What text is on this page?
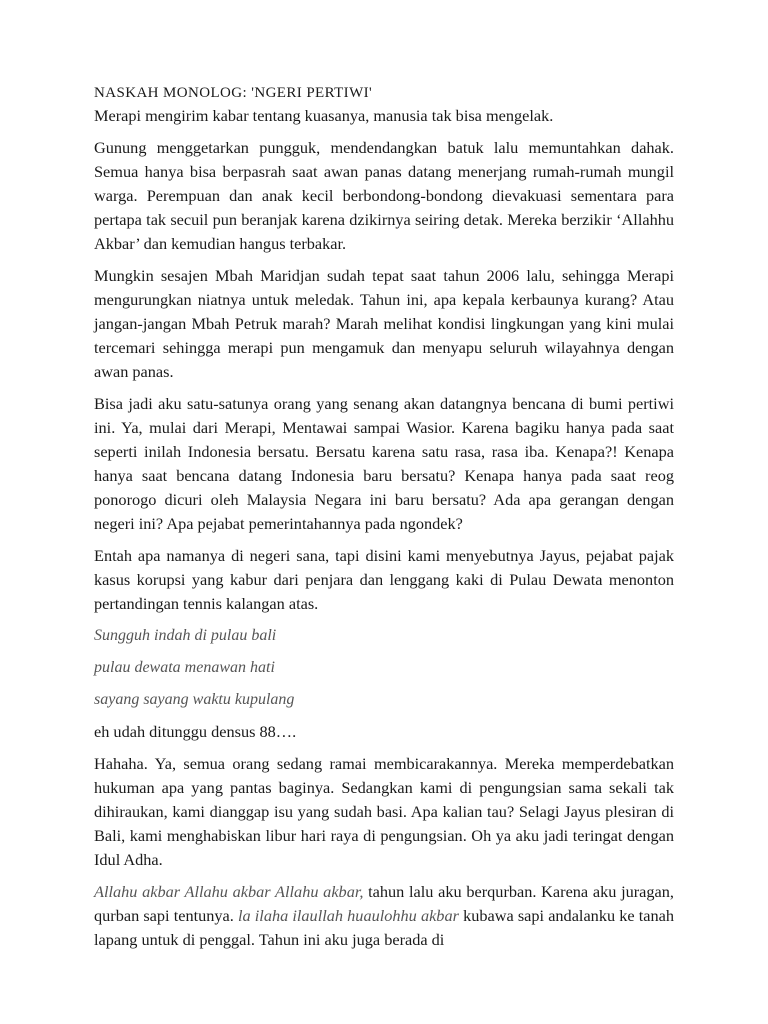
NASKAH MONOLOG: 'NGERI PERTIWI'

Merapi mengirim kabar tentang kuasanya, manusia tak bisa mengelak.

Gunung menggetarkan pungguk, mendendangkan batuk lalu memuntahkan dahak. Semua hanya bisa berpasrah saat awan panas datang menerjang rumah-rumah mungil warga. Perempuan dan anak kecil berbondong-bondong dievakuasi sementara para pertapa tak secuil pun beranjak karena dzikirnya seiring detak. Mereka berzikir ‘Allahhu Akbar’ dan kemudian hangus terbakar.

Mungkin sesajen Mbah Maridjan sudah tepat saat tahun 2006 lalu, sehingga Merapi mengurungkan niatnya untuk meledak. Tahun ini, apa kepala kerbaunya kurang? Atau jangan-jangan Mbah Petruk marah? Marah melihat kondisi lingkungan yang kini mulai tercemari sehingga merapi pun mengamuk dan menyapu seluruh wilayahnya dengan awan panas.

Bisa jadi aku satu-satunya orang yang senang akan datangnya bencana di bumi pertiwi ini. Ya, mulai dari Merapi, Mentawai sampai Wasior. Karena bagiku hanya pada saat seperti inilah Indonesia bersatu. Bersatu karena satu rasa, rasa iba. Kenapa?! Kenapa hanya saat bencana datang Indonesia baru bersatu? Kenapa hanya pada saat reog ponorogo dicuri oleh Malaysia Negara ini baru bersatu? Ada apa gerangan dengan negeri ini? Apa pejabat pemerintahannya pada ngondek?

Entah apa namanya di negeri sana, tapi disini kami menyebutnya Jayus, pejabat pajak kasus korupsi yang kabur dari penjara dan lenggang kaki di Pulau Dewata menonton pertandingan tennis kalangan atas.

Sungguh indah di pulau bali

pulau dewata menawan hati

sayang sayang waktu kupulang

eh udah ditunggu densus 88….

Hahaha. Ya, semua orang sedang ramai membicarakannya. Mereka memperdebatkan hukuman apa yang pantas baginya. Sedangkan kami di pengungsian sama sekali tak dihiraukan, kami dianggap isu yang sudah basi. Apa kalian tau? Selagi Jayus plesiran di Bali, kami menghabiskan libur hari raya di pengungsian. Oh ya aku jadi teringat dengan Idul Adha.

Allahu akbar Allahu akbar Allahu akbar, tahun lalu aku berqurban. Karena aku juragan, qurban sapi tentunya. la ilaha ilaullah huaulohhu akbar kubawa sapi andalanku ke tanah lapang untuk di penggal. Tahun ini aku juga berada di
